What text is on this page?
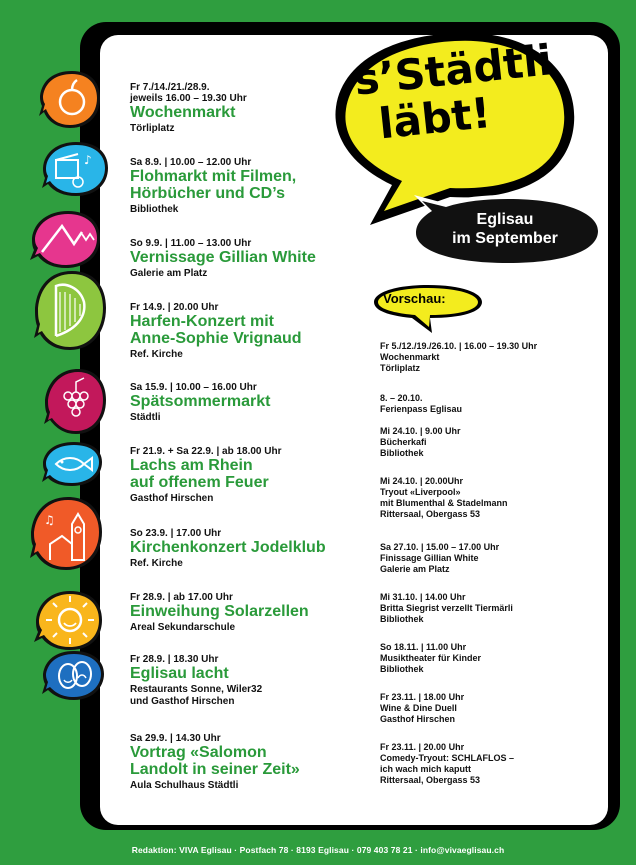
s’Städtli
läbt!
Eglisau
im September
Vorschau:
♪
♫
Fr 7./14./21./28.9.
jeweils 16.00 – 19.30 Uhr
Wochenmarkt
Törliplatz
Sa 8.9. | 10.00 – 12.00 Uhr
Flohmarkt mit Filmen,
Hörbücher und CD’s
Bibliothek
So 9.9. | 11.00 – 13.00 Uhr
Vernissage Gillian White
Galerie am Platz
Fr 14.9. | 20.00 Uhr
Harfen-Konzert mit
Anne-Sophie Vrignaud
Ref. Kirche
Sa 15.9. | 10.00 – 16.00 Uhr
Spätsommermarkt
Städtli
Fr 21.9. + Sa 22.9. | ab 18.00 Uhr
Lachs am Rhein
auf offenem Feuer
Gasthof Hirschen
So 23.9. | 17.00 Uhr
Kirchenkonzert Jodelklub
Ref. Kirche
Fr 28.9. | ab 17.00 Uhr
Einweihung Solarzellen
Areal Sekundarschule
Fr 28.9. | 18.30 Uhr
Eglisau lacht
Restaurants Sonne, Wiler32
und Gasthof Hirschen
Sa 29.9. | 14.30 Uhr
Vortrag «Salomon
Landolt in seiner Zeit»
Aula Schulhaus Städtli
Fr 5./12./19./26.10. | 16.00 – 19.30 Uhr
Wochenmarkt
Törliplatz
8. – 20.10.
Ferienpass Eglisau
Mi 24.10. | 9.00 Uhr
Bücherkafi
Bibliothek
Mi 24.10. | 20.00Uhr
Tryout «Liverpool»
mit Blumenthal & Stadelmann
Rittersaal, Obergass 53
Sa 27.10. | 15.00 – 17.00 Uhr
Finissage Gillian White
Galerie am Platz
Mi 31.10. | 14.00 Uhr
Britta Siegrist verzellt Tiermärli
Bibliothek
So 18.11. | 11.00 Uhr
Musiktheater für Kinder
Bibliothek
Fr 23.11. | 18.00 Uhr
Wine & Dine Duell
Gasthof Hirschen
Fr 23.11. | 20.00 Uhr
Comedy-Tryout: SCHLAFLOS –
ich wach mich kaputt
Rittersaal, Obergass 53
Redaktion: VIVA Eglisau · Postfach 78 · 8193 Eglisau · 079 403 78 21 · info@vivaeglisau.ch
